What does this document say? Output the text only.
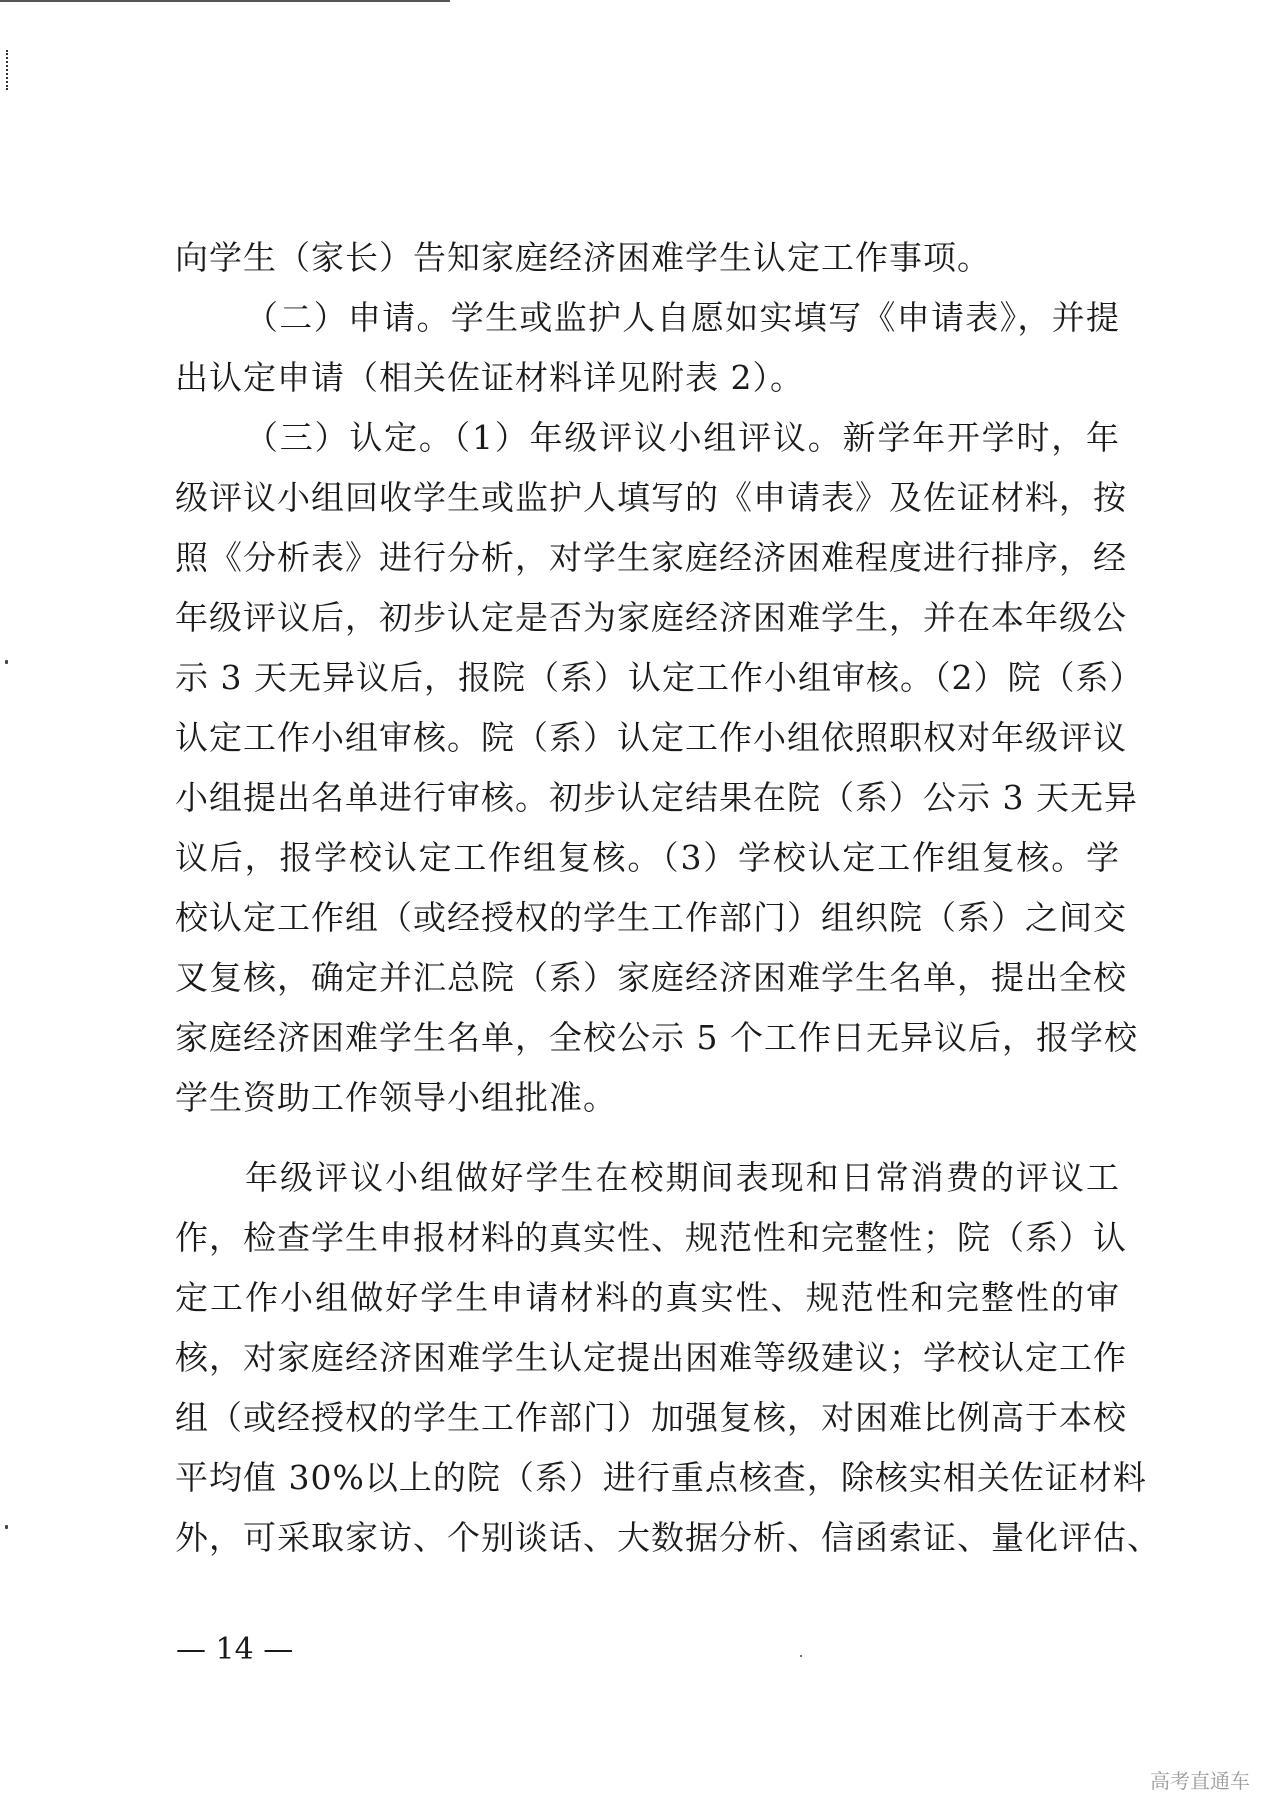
向学生（家长）告知家庭经济困难学生认定工作事项。
（二）申请。学生或监护人自愿如实填写《申请表》，并提
出认定申请（相关佐证材料详见附表 2）。
（三）认定。（1）年级评议小组评议。新学年开学时，年
级评议小组回收学生或监护人填写的《申请表》及佐证材料，按
照《分析表》进行分析，对学生家庭经济困难程度进行排序，经
年级评议后，初步认定是否为家庭经济困难学生，并在本年级公
示 3 天无异议后，报院（系）认定工作小组审核。（2）院（系）
认定工作小组审核。院（系）认定工作小组依照职权对年级评议
小组提出名单进行审核。初步认定结果在院（系）公示 3 天无异
议后，报学校认定工作组复核。（3）学校认定工作组复核。学
校认定工作组（或经授权的学生工作部门）组织院（系）之间交
叉复核，确定并汇总院（系）家庭经济困难学生名单，提出全校
家庭经济困难学生名单，全校公示 5 个工作日无异议后，报学校
学生资助工作领导小组批准。
年级评议小组做好学生在校期间表现和日常消费的评议工
作，检查学生申报材料的真实性、规范性和完整性；院（系）认
定工作小组做好学生申请材料的真实性、规范性和完整性的审
核，对家庭经济困难学生认定提出困难等级建议；学校认定工作
组（或经授权的学生工作部门）加强复核，对困难比例高于本校
平均值 30%以上的院（系）进行重点核查，除核实相关佐证材料
外，可采取家访、个别谈话、大数据分析、信函索证、量化评估、
— 14 —
高考直通车
